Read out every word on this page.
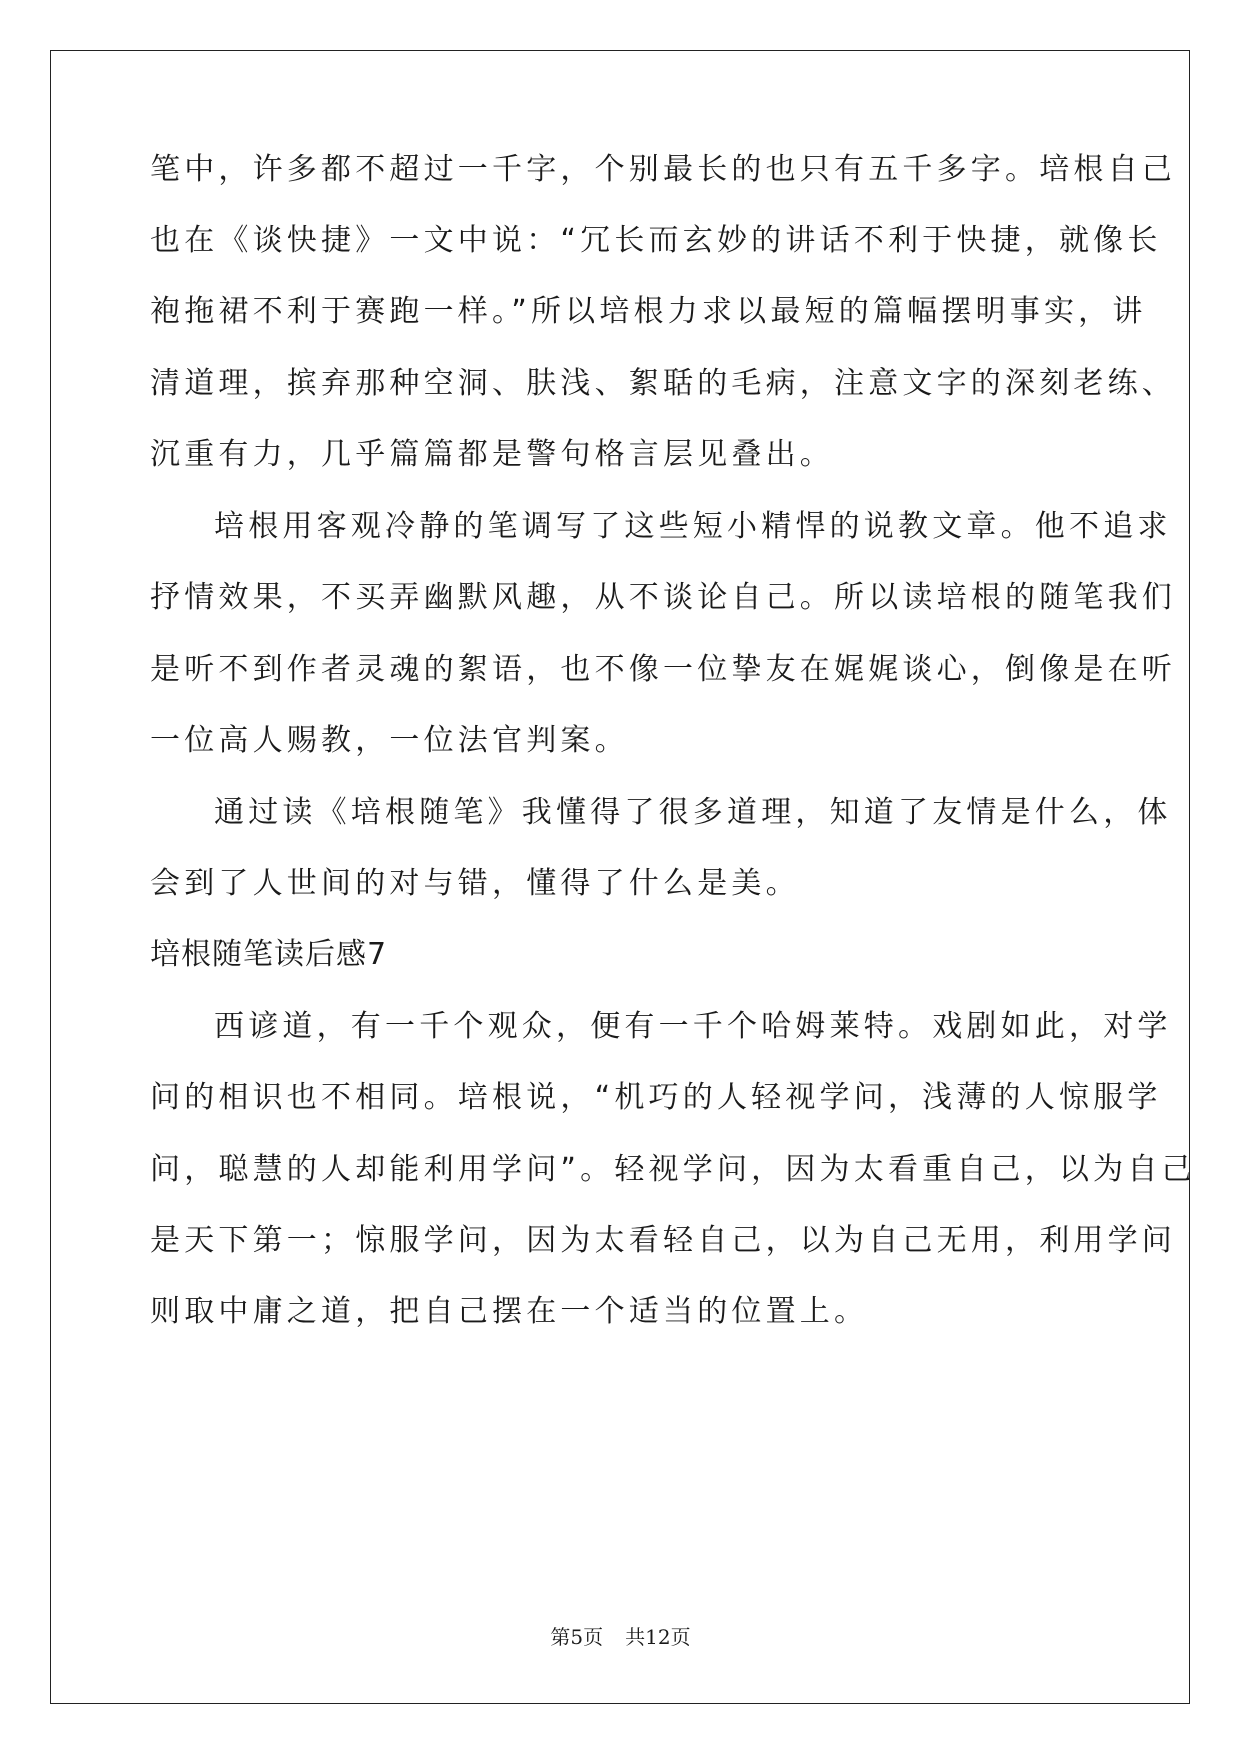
笔中，许多都不超过一千字，个别最长的也只有五千多字。培根自己
也在《谈快捷》一文中说：“冗长而玄妙的讲话不利于快捷，就像长
袍拖裙不利于赛跑一样。”所以培根力求以最短的篇幅摆明事实，讲
清道理，摈弃那种空洞、肤浅、絮聒的毛病，注意文字的深刻老练、
沉重有力，几乎篇篇都是警句格言层见叠出。
培根用客观冷静的笔调写了这些短小精悍的说教文章。他不追求
抒情效果，不买弄幽默风趣，从不谈论自己。所以读培根的随笔我们
是听不到作者灵魂的絮语，也不像一位挚友在娓娓谈心，倒像是在听
一位高人赐教，一位法官判案。
通过读《培根随笔》我懂得了很多道理，知道了友情是什么，体
会到了人世间的对与错，懂得了什么是美。
培根随笔读后感7
西谚道，有一千个观众，便有一千个哈姆莱特。戏剧如此，对学
问的相识也不相同。培根说，“机巧的人轻视学问，浅薄的人惊服学
问，聪慧的人却能利用学问”。轻视学问，因为太看重自己，以为自己
是天下第一；惊服学问，因为太看轻自己，以为自己无用，利用学问
则取中庸之道，把自己摆在一个适当的位置上。
第5页 共12页
